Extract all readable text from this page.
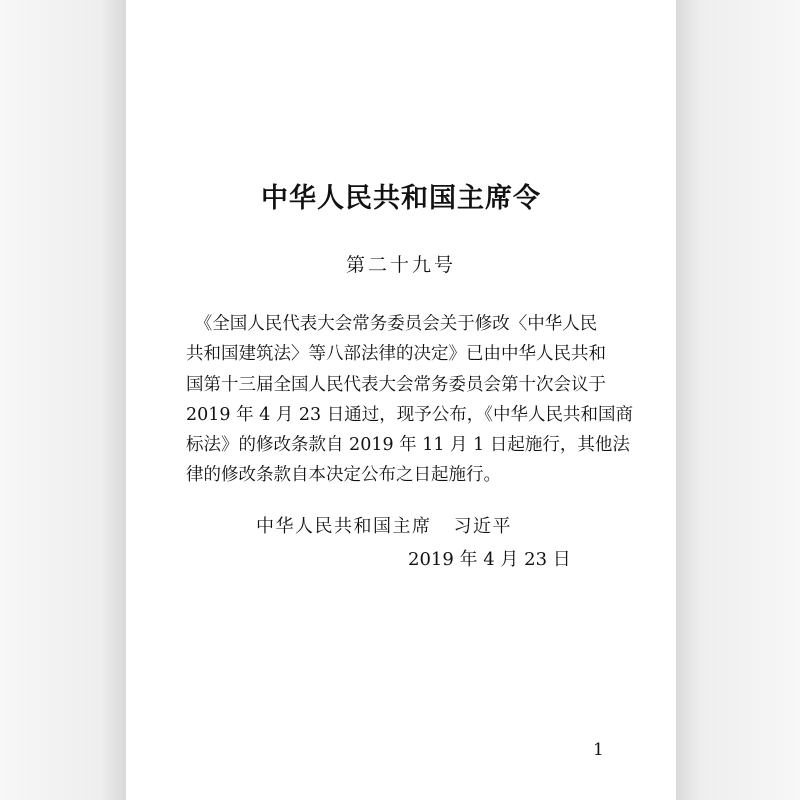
中华人民共和国主席令
第二十九号
　《全国人民代表大会常务委员会关于修改〈中华人民
共和国建筑法〉等八部法律的决定》已由中华人民共和
国第十三届全国人民代表大会常务委员会第十次会议于
2019 年 4 月 23 日通过，现予公布，《中华人民共和国商
标法》的修改条款自 2019 年 11 月 1 日起施行，其他法
律的修改条款自本决定公布之日起施行。
中华人民共和国主席 习近平
2019 年 4 月 23 日
1
